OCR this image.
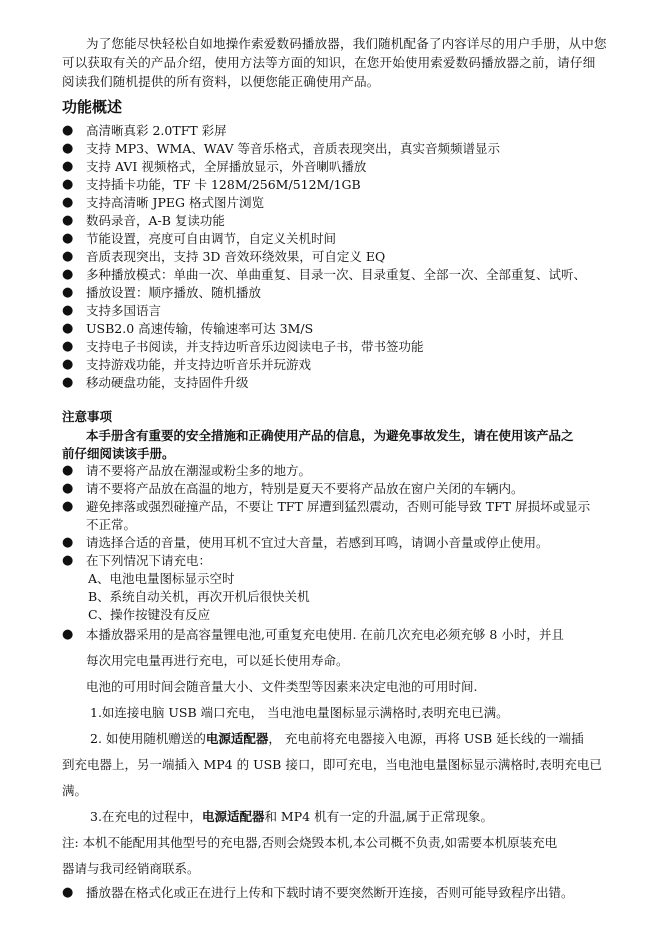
为了您能尽快轻松自如地操作索爱数码播放器，我们随机配备了内容详尽的用户手册，从中您可以获取有关的产品介绍，使用方法等方面的知识，在您开始使用索爱数码播放器之前，请仔细阅读我们随机提供的所有资料，以便您能正确使用产品。
功能概述
● 高清晰真彩 2.0TFT 彩屏
● 支持 MP3、WMA、WAV 等音乐格式，音质表现突出，真实音频频谱显示
● 支持 AVI 视频格式，全屏播放显示，外音喇叭播放
● 支持插卡功能，TF 卡 128M/256M/512M/1GB
● 支持高清晰 JPEG 格式图片浏览
● 数码录音，A-B 复读功能
● 节能设置，亮度可自由调节，自定义关机时间
● 音质表现突出，支持 3D 音效环绕效果，可自定义 EQ
● 多种播放模式：单曲一次、单曲重复、目录一次、目录重复、全部一次、全部重复、试听、
● 播放设置：顺序播放、随机播放
● 支持多国语言
● USB2.0 高速传输，传输速率可达 3M/S
● 支持电子书阅读，并支持边听音乐边阅读电子书，带书签功能
● 支持游戏功能，并支持边听音乐并玩游戏
● 移动硬盘功能，支持固件升级
注意事项
本手册含有重要的安全措施和正确使用产品的信息，为避免事故发生，请在使用该产品之
前仔细阅读该手册。
● 请不要将产品放在潮湿或粉尘多的地方。
● 请不要将产品放在高温的地方，特别是夏天不要将产品放在窗户关闭的车辆内。
● 避免摔落或强烈碰撞产品，不要让 TFT 屏遭到猛烈震动，否则可能导致 TFT 屏损坏或显示
不正常。
● 请选择合适的音量，使用耳机不宜过大音量，若感到耳鸣，请调小音量或停止使用。
● 在下列情况下请充电：
A、电池电量图标显示空时
B、系统自动关机，再次开机后很快关机
C、操作按键没有反应
● 本播放器采用的是高容量锂电池,可重复充电使用. 在前几次充电必须充够 8 小时，并且
每次用完电量再进行充电，可以延长使用寿命。
电池的可用时间会随音量大小、文件类型等因素来决定电池的可用时间.
1.如连接电脑 USB 端口充电， 当电池电量图标显示满格时,表明充电已满。
2. 如使用随机赠送的电源适配器， 充电前将充电器接入电源，再将 USB 延长线的一端插
到充电器上，另一端插入 MP4 的 USB 接口，即可充电，当电池电量图标显示满格时,表明充电已
满。
3.在充电的过程中，电源适配器和 MP4 机有一定的升温,属于正常现象。
注: 本机不能配用其他型号的充电器,否则会烧毁本机,本公司概不负责,如需要本机原装充电
器请与我司经销商联系。
● 播放器在格式化或正在进行上传和下载时请不要突然断开连接，否则可能导致程序出错。
